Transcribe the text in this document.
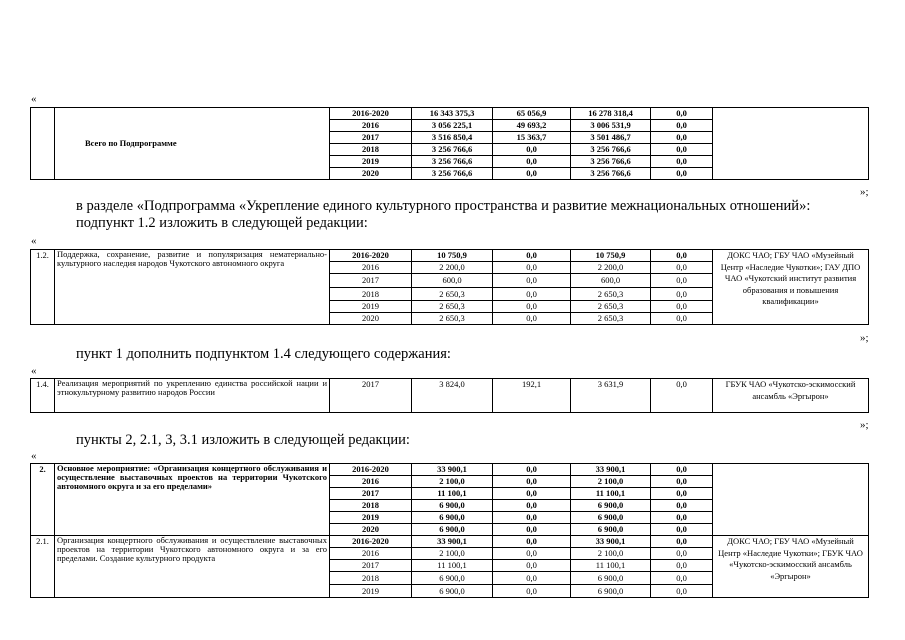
«
	Всего по Подпрограмме	2016-2020	16 343 375,3	65 056,9	16 278 318,4	0,0	
		2016	3 056 225,1	49 693,2	3 006 531,9	0,0	
		2017	3 516 850,4	15 363,7	3 501 486,7	0,0	
		2018	3 256 766,6	0,0	3 256 766,6	0,0	
		2019	3 256 766,6	0,0	3 256 766,6	0,0	
		2020	3 256 766,6	0,0	3 256 766,6	0,0	
»;
в разделе «Подпрограмма «Укрепление единого культурного пространства и развитие межнациональных отношений»:
подпункт 1.2 изложить в следующей редакции:
«
1.2.	Поддержка, сохранение, развитие и популяризация нематериально-культурного наследия народов Чукотского автономного округа	2016-2020	10 750,9	0,0	10 750,9	0,0	ДОКС ЧАО; ГБУ ЧАО «Музейный Центр «Наследие Чукотки»; ГАУ ДПО ЧАО «Чукотский институт развития образования и повышения квалификации»
		2016	2 200,0	0,0	2 200,0	0,0	
		2017	600,0	0,0	600,0	0,0	
		2018	2 650,3	0,0	2 650,3	0,0	
		2019	2 650,3	0,0	2 650,3	0,0	
		2020	2 650,3	0,0	2 650,3	0,0	
»;
пункт 1 дополнить подпунктом 1.4 следующего содержания:
«
1.4.	Реализация мероприятий по укреплению единства российской нации и этнокультурному развитию народов России	2017	3 824,0	192,1	3 631,9	0,0	ГБУК ЧАО «Чукотско-эскимосский ансамбль «Эргырон»
»;
пункты 2, 2.1, 3, 3.1 изложить в следующей редакции:
«
2.	Основное мероприятие: «Организация концертного обслуживания и осуществление выставочных проектов на территории Чукотского автономного округа и за его пределами»	2016-2020	33 900,1	0,0	33 900,1	0,0	
		2016	2 100,0	0,0	2 100,0	0,0	
		2017	11 100,1	0,0	11 100,1	0,0	
		2018	6 900,0	0,0	6 900,0	0,0	
		2019	6 900,0	0,0	6 900,0	0,0	
		2020	6 900,0	0,0	6 900,0	0,0	
2.1.	Организация концертного обслуживания и осуществление выставочных проектов на территории Чукотского автономного округа и за его пределами. Создание культурного продукта	2016-2020	33 900,1	0,0	33 900,1	0,0	ДОКС ЧАО; ГБУ ЧАО «Музейный Центр «Наследие Чукотки»; ГБУК ЧАО «Чукотско-эскимосский ансамбль «Эргырон»
		2016	2 100,0	0,0	2 100,0	0,0	
		2017	11 100,1	0,0	11 100,1	0,0	
		2018	6 900,0	0,0	6 900,0	0,0	
		2019	6 900,0	0,0	6 900,0	0,0	
